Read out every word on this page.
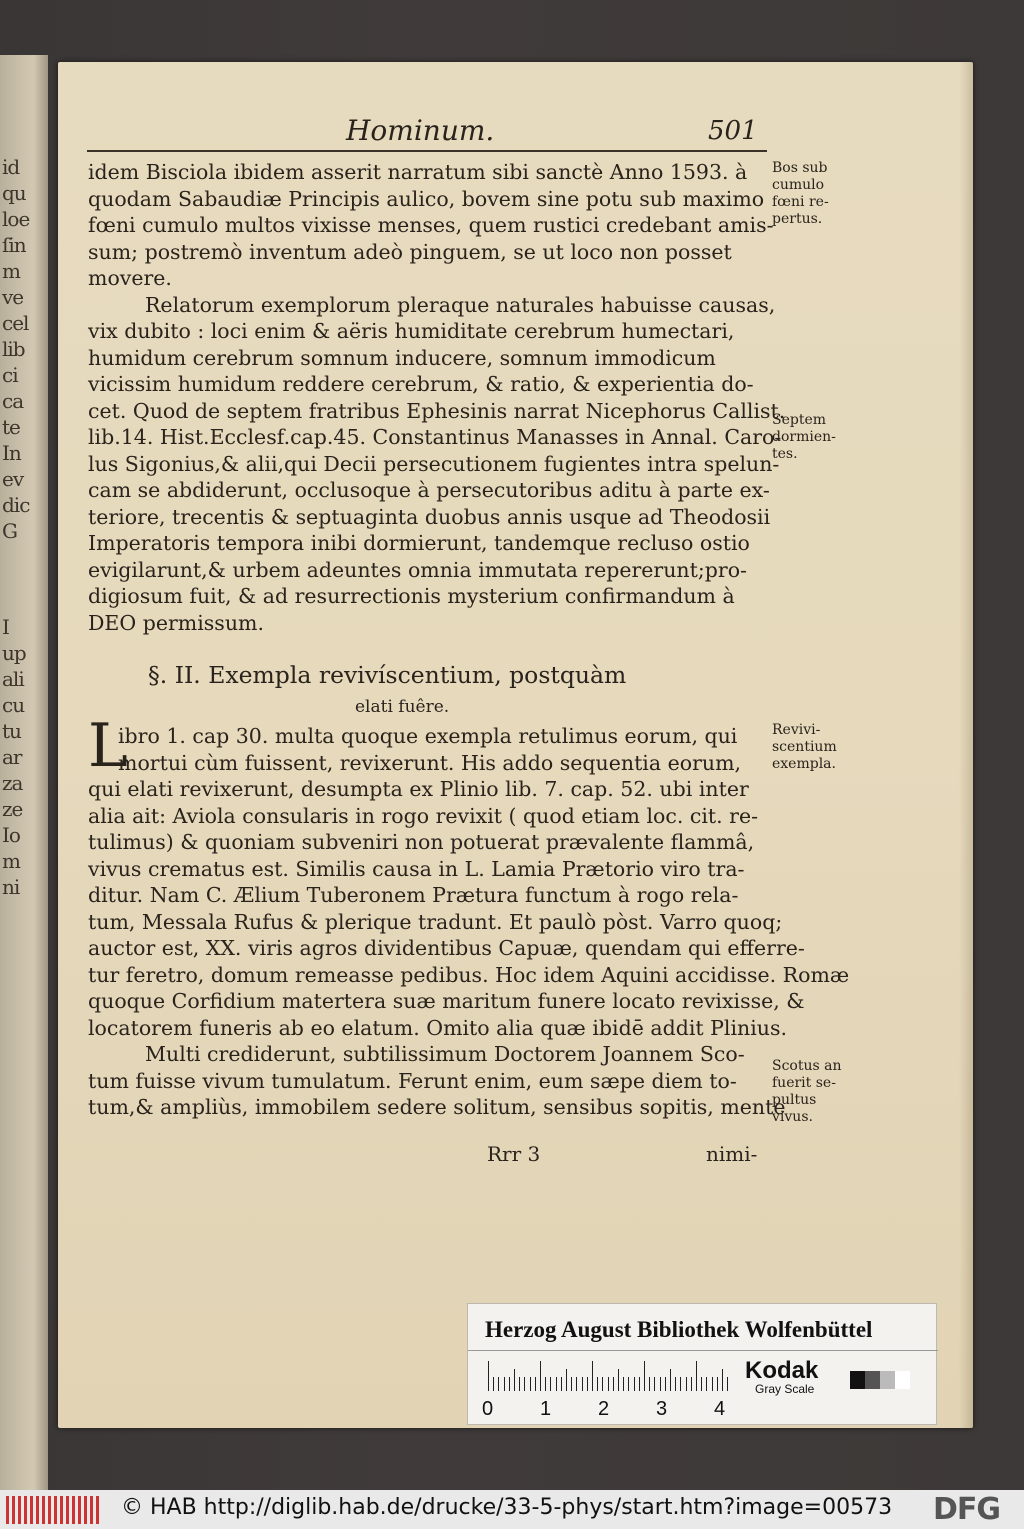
id
qu
loe
ſin
m
ve
cel
lib
ci
ca
te
In
ev
dic
G
I
up
ali
cu
tu
ar
za
ze
Io
m
ni
Hominum.	501
idem Bisciola ibidem asserit narratum sibi sanctè Anno 1593. à
quodam Sabaudiæ Principis aulico, bovem sine potu sub maximo
fœni cumulo multos vixisse menses, quem rustici credebant amis-
sum; postremò inventum adeò pinguem, se ut loco non posset
movere.
Relatorum exemplorum pleraque naturales habuisse causas,
vix dubito : loci enim & aëris humiditate cerebrum humectari,
humidum cerebrum somnum inducere, somnum immodicum
vicissim humidum reddere cerebrum, & ratio, & experientia do-
cet. Quod de septem fratribus Ephesinis narrat Nicephorus Callist.
lib.14. Hist.Ecclesf.cap.45. Constantinus Manasses in Annal. Caro-
lus Sigonius,& alii,qui Decii persecutionem fugientes intra spelun-
cam se abdiderunt, occlusoque à persecutoribus aditu à parte ex-
teriore, trecentis & septuaginta duobus annis usque ad Theodosii
Imperatoris tempora inibi dormierunt, tandemque recluso ostio
evigilarunt,& urbem adeuntes omnia immutata repererunt;pro-
digiosum fuit, & ad resurrectionis mysterium confirmandum à
DEO permissum.
§. II. Exempla revivíscentium, postquàm
elati fuêre.
L
ibro 1. cap 30. multa quoque exempla retulimus eorum, qui
mortui cùm fuissent, revixerunt. His addo sequentia eorum,
qui elati revixerunt, desumpta ex Plinio lib. 7. cap. 52. ubi inter
alia ait: Aviola consularis in rogo revixit ( quod etiam loc. cit. re-
tulimus) & quoniam subveniri non potuerat prævalente flammâ,
vivus crematus est. Similis causa in L. Lamia Prætorio viro tra-
ditur. Nam C. Ælium Tuberonem Prætura functum à rogo rela-
tum, Messala Rufus & plerique tradunt. Et paulò pòst. Varro quoq;
auctor est, XX. viris agros dividentibus Capuæ, quendam qui efferre-
tur feretro, domum remeasse pedibus. Hoc idem Aquini accidisse. Romæ
quoque Corfidium matertera suæ maritum funere locato revixisse, &
locatorem funeris ab eo elatum. Omito alia quæ ibidē addit Plinius.
Multi crediderunt, subtilissimum Doctorem Joannem Sco-
tum fuisse vivum tumulatum. Ferunt enim, eum sæpe diem to-
tum,& ampliùs, immobilem sedere solitum, sensibus sopitis, mente
Bos sub
cumulo
fœni re-
pertus.
Septem
dormien-
tes.
Revivi-
scentium
exempla.
Scotus an
fuerit se-
pultus
vivus.
Rrr 3	nimi-
Herzog August Bibliothek Wolfenbüttel
0 1 2 3 4
Kodak
Gray Scale
© HAB http://diglib.hab.de/drucke/33-5-phys/start.htm?image=00573 DFG
